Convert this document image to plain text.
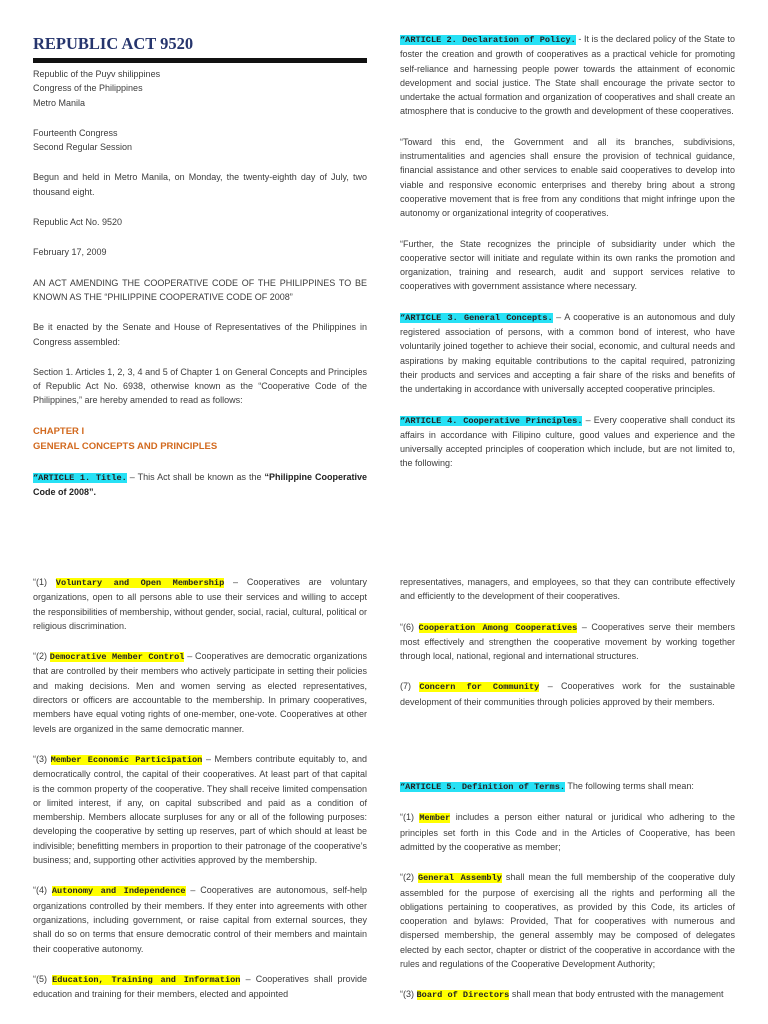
REPUBLIC ACT 9520
Republic of the Puyv shilippines
Congress of the Philippines
Metro Manila
Fourteenth Congress
Second Regular Session

Begun and held in Metro Manila, on Monday, the twenty-eighth day of July, two thousand eight.

Republic Act No. 9520

February 17, 2009

AN ACT AMENDING THE COOPERATIVE CODE OF THE PHILIPPINES TO BE KNOWN AS THE “PHILIPPINE COOPERATIVE CODE OF 2008”

Be it enacted by the Senate and House of Representatives of the Philippines in Congress assembled:

Section 1. Articles 1, 2, 3, 4 and 5 of Chapter 1 on General Concepts and Principles of Republic Act No. 6938, otherwise known as the “Cooperative Code of the Philippines,” are hereby amended to read as follows:

CHAPTER I
GENERAL CONCEPTS AND PRINCIPLES

“ARTICLE 1. Title. – This Act shall be known as the “Philippine Cooperative Code of 2008”.

“ARTICLE 2. Declaration of Policy. - It is the declared policy of the State to foster the creation and growth of cooperatives as a practical vehicle for promoting self-reliance and harnessing people power towards the attainment of economic development and social justice. The State shall encourage the private sector to undertake the actual formation and organization of cooperatives and shall create an atmosphere that is conducive to the growth and development of these cooperatives.

“Toward this end, the Government and all its branches, subdivisions, instrumentalities and agencies shall ensure the provision of technical guidance, financial assistance and other services to enable said cooperatives to develop into viable and responsive economic enterprises and thereby bring about a strong cooperative movement that is free from any conditions that might infringe upon the autonomy or organizational integrity of cooperatives.

“Further, the State recognizes the principle of subsidiarity under which the cooperative sector will initiate and regulate within its own ranks the promotion and organization, training and research, audit and support services relative to cooperatives with government assistance where necessary.

“ARTICLE 3. General Concepts. – A cooperative is an autonomous and duly registered association of persons, with a common bond of interest, who have voluntarily joined together to achieve their social, economic, and cultural needs and aspirations by making equitable contributions to the capital required, patronizing their products and services and accepting a fair share of the risks and benefits of the undertaking in accordance with universally accepted cooperative principles.

“ARTICLE 4. Cooperative Principles. – Every cooperative shall conduct its affairs in accordance with Filipino culture, good values and experience and the universally accepted principles of cooperation which include, but are not limited to, the following:

“(1) Voluntary and Open Membership – Cooperatives are voluntary organizations, open to all persons able to use their services and willing to accept the responsibilities of membership, without gender, social, racial, cultural, political or religious discrimination.

“(2) Democrative Member Control – Cooperatives are democratic organizations that are controlled by their members who actively participate in setting their policies and making decisions. Men and women serving as elected representatives, directors or officers are accountable to the membership. In primary cooperatives, members have equal voting rights of one-member, one-vote. Cooperatives at other levels are organized in the same democratic manner.

“(3) Member Economic Participation – Members contribute equitably to, and democratically control, the capital of their cooperatives. At least part of that capital is the common property of the cooperative. They shall receive limited compensation or limited interest, if any, on capital subscribed and paid as a condition of membership. Members allocate surpluses for any or all of the following purposes: developing the cooperative by setting up reserves, part of which should at least be indivisible; benefitting members in proportion to their patronage of the cooperative’s business; and, supporting other activities approved by the membership.

“(4) Autonomy and Independence – Cooperatives are autonomous, self-help organizations controlled by their members. If they enter into agreements with other organizations, including government, or raise capital from external sources, they shall do so on terms that ensure democratic control of their members and maintain their cooperative autonomy.

“(5) Education, Training and Information – Cooperatives shall provide education and training for their members, elected and appointed

representatives, managers, and employees, so that they can contribute effectively and efficiently to the development of their cooperatives.

“(6) Cooperation Among Cooperatives – Cooperatives serve their members most effectively and strengthen the cooperative movement by working together through local, national, regional and international structures.

(7) Concern for Community – Cooperatives work for the sustainable development of their communities through policies approved by their members.

“ARTICLE 5. Definition of Terms. The following terms shall mean:

“(1) Member includes a person either natural or juridical who adhering to the principles set forth in this Code and in the Articles of Cooperative, has been admitted by the cooperative as member;

“(2) General Assembly shall mean the full membership of the cooperative duly assembled for the purpose of exercising all the rights and performing all the obligations pertaining to cooperatives, as provided by this Code, its articles of cooperation and bylaws: Provided, That for cooperatives with numerous and dispersed membership, the general assembly may be composed of delegates elected by each sector, chapter or district of the cooperative in accordance with the rules and regulations of the Cooperative Development Authority;

“(3) Board of Directors shall mean that body entrusted with the management
